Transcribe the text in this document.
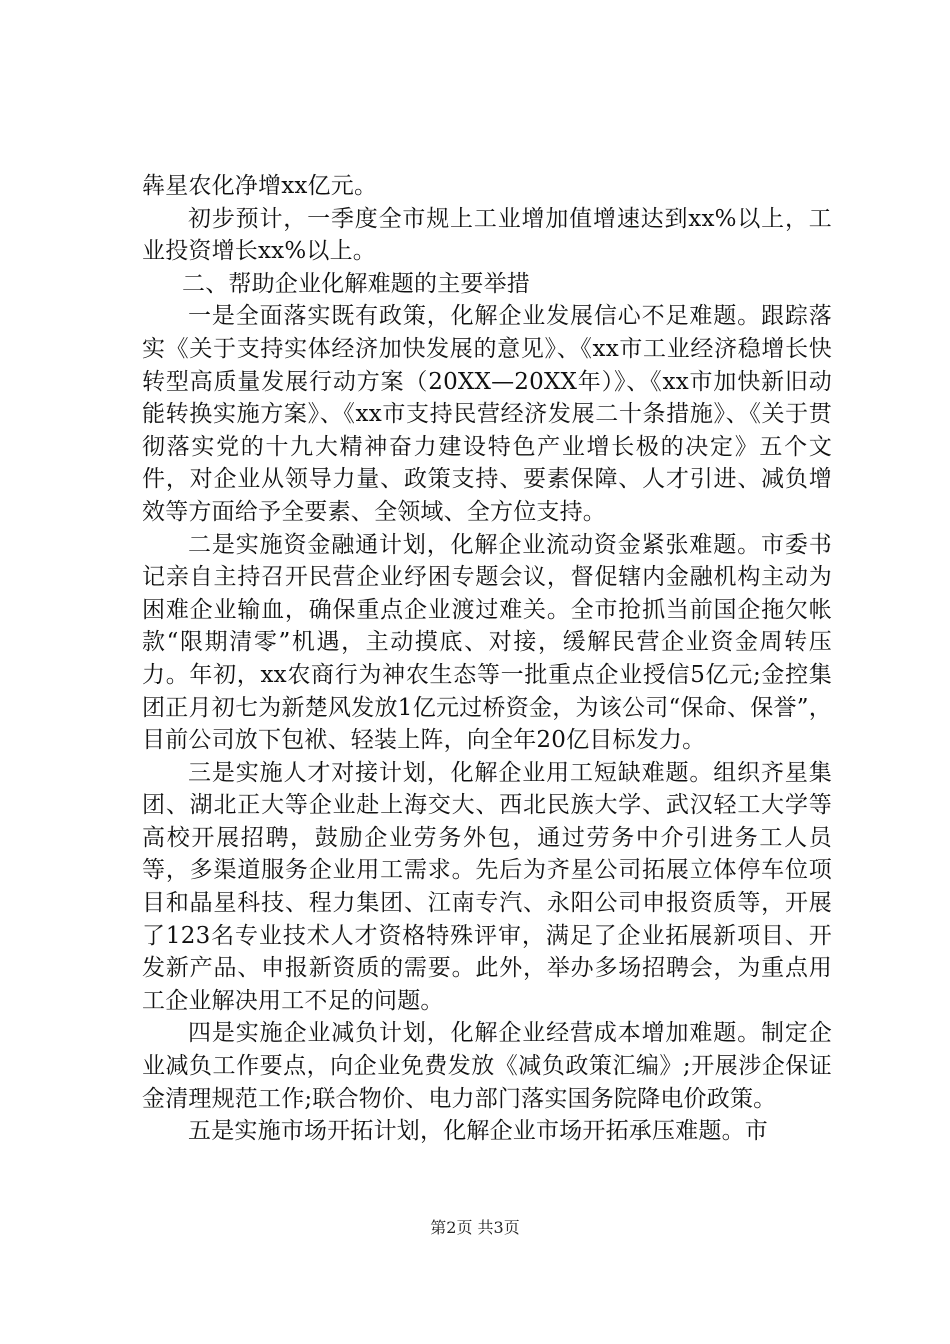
犇星农化净增xx亿元。

初步预计，一季度全市规上工业增加值增速达到xx%以上，工业投资增长xx%以上。

二、帮助企业化解难题的主要举措

一是全面落实既有政策，化解企业发展信心不足难题。跟踪落实《关于支持实体经济加快发展的意见》、《xx市工业经济稳增长快转型高质量发展行动方案（20XX—20XX年）》、《xx市加快新旧动能转换实施方案》、《xx市支持民营经济发展二十条措施》、《关于贯彻落实党的十九大精神奋力建设特色产业增长极的决定》五个文件，对企业从领导力量、政策支持、要素保障、人才引进、减负增效等方面给予全要素、全领域、全方位支持。

二是实施资金融通计划，化解企业流动资金紧张难题。市委书记亲自主持召开民营企业纾困专题会议，督促辖内金融机构主动为困难企业输血，确保重点企业渡过难关。全市抢抓当前国企拖欠帐款“限期清零”机遇，主动摸底、对接，缓解民营企业资金周转压力。年初，xx农商行为神农生态等一批重点企业授信5亿元;金控集团正月初七为新楚风发放1亿元过桥资金，为该公司“保命、保誉”，目前公司放下包袱、轻装上阵，向全年20亿目标发力。

三是实施人才对接计划，化解企业用工短缺难题。组织齐星集团、湖北正大等企业赴上海交大、西北民族大学、武汉轻工大学等高校开展招聘，鼓励企业劳务外包，通过劳务中介引进务工人员等，多渠道服务企业用工需求。先后为齐星公司拓展立体停车位项目和晶星科技、程力集团、江南专汽、永阳公司申报资质等，开展了123名专业技术人才资格特殊评审，满足了企业拓展新项目、开发新产品、申报新资质的需要。此外，举办多场招聘会，为重点用工企业解决用工不足的问题。

四是实施企业减负计划，化解企业经营成本增加难题。制定企业减负工作要点，向企业免费发放《减负政策汇编》;开展涉企保证金清理规范工作;联合物价、电力部门落实国务院降电价政策。

五是实施市场开拓计划，化解企业市场开拓承压难题。市

第2页 共3页
